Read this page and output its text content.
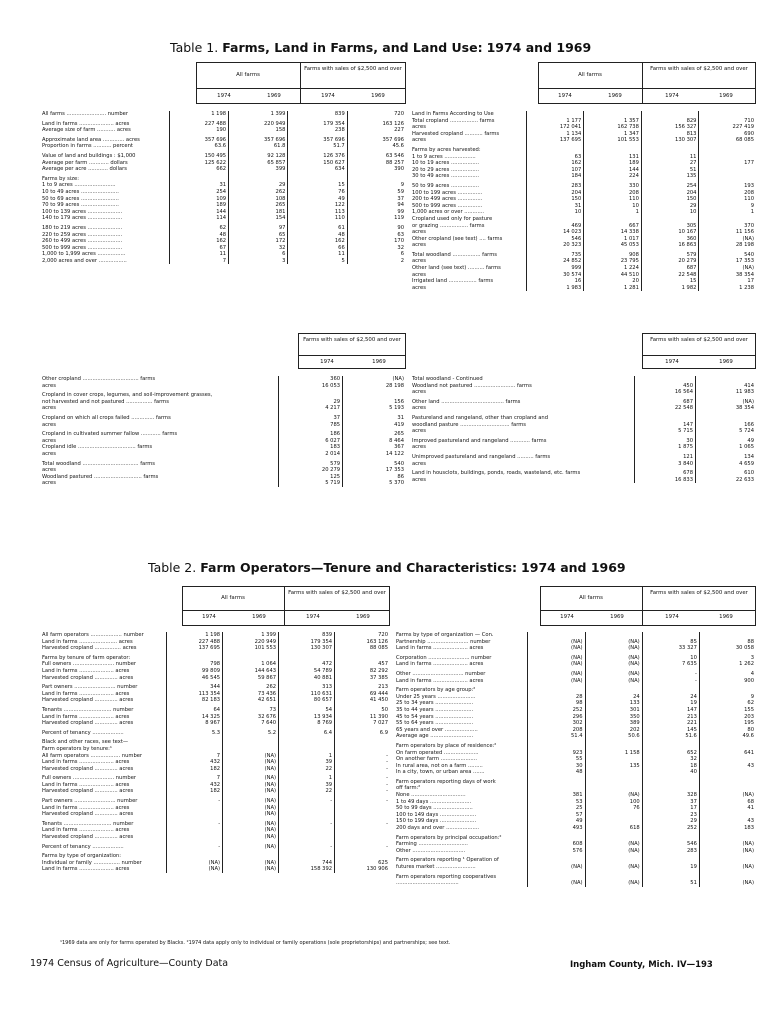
Table 1. Farms, Land in Farms, and Land Use: 1974 and 1969
All farms
Farms with sales of $2,500 and over
1974	1969	1974	1969
All farms
Farms with sales of $2,500 and over
1974	1969	1974	1969
All farms ........................ number	1 198	1 399	839	720
Land in farms ..................... acres	227 488	220 949	179 354	163 126
Average size of farm ........... acres	190	158	238	227
Approximate land area ............. acres	357 696	357 696	357 696	357 696
Proportion in farms ........... percent	63.6	61.8	51.7	45.6
Value of land and buildings : $1,000	150 495	92 128	126 376	63 546
Average per farm ............ dollars	125 622	65 857	150 627	88 257
Average per acre ............ dollars	662	399	634	390
Farms by size:				
1 to 9 acres .........................	31	29	15	9
10 to 49 acres .......................	254	262	76	59
50 to 69 acres .......................	109	108	49	37
70 to 99 acres .......................	189	265	122	94
100 to 139 acres .....................	144	181	113	99
140 to 179 acres .....................	114	154	110	119
180 to 219 acres .....................	62	97	61	90
220 to 259 acres .....................	48	65	48	63
260 to 499 acres .....................	162	172	162	170
500 to 999 acres .....................	67	32	66	32
1,000 to 1,999 acres .................	11	6	11	6
2,000 acres and over .................	7	3	5	2
Land in Farms According to Use				
Total cropland ................. farms	1 177	1 357	829	710
acres	172 041	162 738	156 327	227 419
Harvested cropland ........... farms	1 134	1 347	813	690
acres	137 695	101 553	130 307	68 085
Farms by acres harvested:				
1 to 9 acres ...................	63	131	11	
10 to 19 acres .................	162	189	27	177
20 to 29 acres .................	107	144	51	
30 to 49 acres .................	184	224	135	
50 to 99 acres .................	283	330	254	193
100 to 199 acres ...............	204	208	204	208
200 to 499 acres ...............	150	110	150	110
500 to 999 acres ...............	31	10	29	9
1,000 acres or over ............	10	1	10	1
Cropland used only for pasture				
or grazing ................. farms	469	667	305	370
acres	14 023	14 338	10 167	11 156
Other cropland (see text) .... farms	546	1 017	360	(NA)
acres	20 323	45 053	16 863	28 198
Total woodland ................. farms	735	908	579	540
acres	24 852	23 795	20 279	17 353
Other land (see text) .......... farms	999	1 224	687	(NA)
acres	30 574	44 510	22 548	38 354
Irrigated land ................. farms	16	20	15	17
acres	1 983	1 281	1 982	1 238
Farms with sales of $2,500 and over
1974	1969
Farms with sales of $2,500 and over
1974	1969
Other cropland .................................. farms	360	(NA)
acres	16 053	28 198
Cropland in cover crops, legumes, and soil-improvement grasses,		
not harvested and not pastured ................ farms	29	156
acres	4 217	5 193
Cropland on which all crops failed .............. farms	37	31
acres	785	419
Cropland in cultivated summer fallow ............ farms	186	265
acres	6 027	8 464
Cropland idle ................................... farms	183	367
acres	2 014	14 122
Total woodland .................................. farms	579	540
acres	20 279	17 353
Woodland pastured ............................. farms	125	86
acres	5 719	5 370
Total woodland - Continued		
Woodland not pastured ......................... farms	450	414
acres	16 564	11 983
Other land ...................................... farms	687	(NA)
acres	22 548	38 354
Pastureland and rangeland, other than cropland and		
woodland pasture .............................. farms	147	166
acres	5 715	5 724
Improved pastureland and rangeland ............ farms	30	49
acres	1 875	1 065
Unimproved pastureland and rangeland .......... farms	121	134
acres	3 840	4 659
Land in housclots, buildings, ponds, roads, wasteland, etc. farms	678	610
acres	16 833	22 633
Table 2. Farm Operators—Tenure and Characteristics: 1974 and 1969
All farms
Farms with sales of $2,500 and over
1974	1969	1974	1969
All farms
Farms with sales of $2,500 and over
1974	1969	1974	1969
All farm operators ................... number	1 198	1 399	839	720
Land in farms ....................... acres	227 488	220 949	179 354	163 126
Harvested cropland ................ acres	137 695	101 553	130 307	88 085
Farms by tenure of farm operator:				
Full owners ......................... number	798	1 064	472	457
Land in farms ..................... acres	99 809	144 643	54 789	82 292
Harvested cropland .............. acres	46 545	59 867	40 881	37 385
Part owners ......................... number	344	262	313	213
Land in farms ..................... acres	113 354	73 436	110 631	69 444
Harvested cropland .............. acres	82 183	42 651	80 657	41 450
Tenants ............................. number	64	73	54	50
Land in farms ..................... acres	14 325	32 676	13 934	11 390
Harvested cropland .............. acres	8 967	7 640	8 769	7 027
Percent of tenancy ...................	5.3	5.2	6.4	6.9
Black and other races, see text—				
Farm operators by tenure:¹				
All farm operators .................. number	7	(NA)	1	-
Land in farms ..................... acres	432	(NA)	39	-
Harvested cropland .............. acres	182	(NA)	22	-
Full owners ......................... number	7	(NA)	1	-
Land in farms ..................... acres	432	(NA)	39	-
Harvested cropland .............. acres	182	(NA)	22	-
Part owners ......................... number	-	(NA)	-	-
Land in farms ..................... acres		(NA)		
Harvested cropland .............. acres		(NA)		
Tenants ............................. number	-	(NA)	-	-
Land in farms ..................... acres		(NA)		
Harvested cropland .............. acres		(NA)		
Percent of tenancy ...................	-	(NA)	-	-
Farms by type of organization:				
Individual or family ................ number	(NA)	(NA)	744	625
Land in farms ..................... acres	(NA)	(NA)	158 392	130 906
Farms by type of organization — Con.				
Partnership ......................... number	(NA)	(NA)	85	88
Land in farms ..................... acres	(NA)	(NA)	33 327	30 058
Corporation ......................... number	(NA)	(NA)	10	3
Land in farms ..................... acres	(NA)	(NA)	7 635	1 262
Other ............................... number	(NA)	(NA)	-	4
Land in farms ..................... acres	(NA)	(NA)	-	900
Farm operators by age group:²				
Under 25 years .......................	28	24	24	9
25 to 34 years .......................	98	133	19	62
35 to 44 years .......................	252	301	147	155
45 to 54 years .......................	296	350	213	203
55 to 64 years .......................	302	389	221	195
65 years and over ....................	208	202	145	80
Average age ..........................	51.4	50.6	51.6	49.6
Farm operators by place of residence:²				
On farm operated .....................	923	1 158	652	641
On another farm ......................	55		32	
In rural area, not on a farm .........	30	135	18	43
In a city, town, or urban area .......	48		40	
Farm operators reporting days of work				
off farm:²				
None .................................	381	(NA)	328	(NA)
1 to 49 days .........................	53	100	37	68
50 to 99 days ........................	25	76	17	41
100 to 149 days ......................	57		23	
150 to 199 days ......................	49		29	43
200 days and over ....................	493	618	252	183
Farm operators by principal occupation:²				
Farming ..............................	608	(NA)	546	(NA)
Other ................................	576	(NA)	283	(NA)
Farm operators reporting ¹ Operation of				
futures market ........................	(NA)	(NA)	19	(NA)
Farm operators reporting cooperatives				
......................................	(NA)	(NA)	51	(NA)
¹1969 data are only for farms operated by Blacks. ²1974 data apply only to individual or family operations (sole proprietorships) and partnerships; see text.
1974 Census of Agriculture—County Data	Ingham County, Mich. IV—193
